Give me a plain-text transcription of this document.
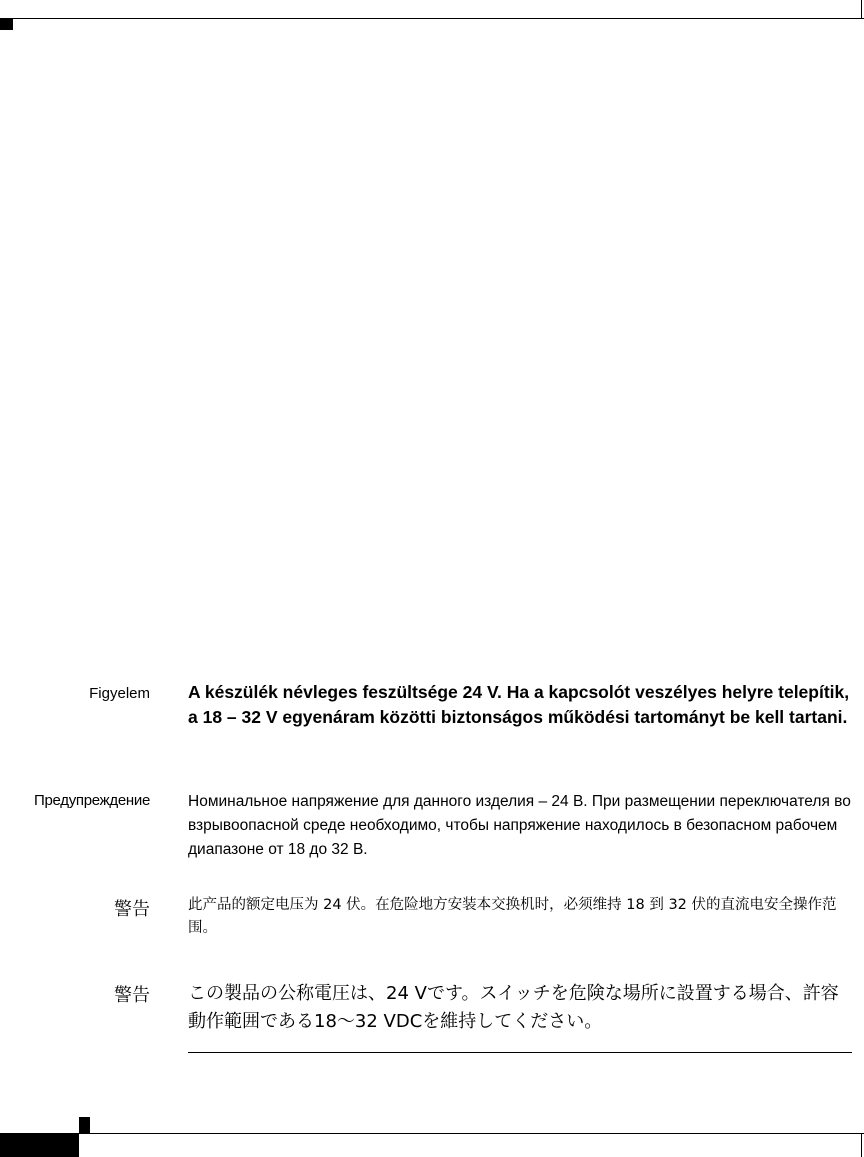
Figyelem A készülék névleges feszültsége 24 V. Ha a kapcsolót veszélyes helyre telepítik, a 18 – 32 V egyenáram közötti biztonságos működési tartományt be kell tartani.
Предупреждение Номинальное напряжение для данного изделия – 24 В. При размещении переключателя во взрывоопасной среде необходимо, чтобы напряжение находилось в безопасном рабочем диапазоне от 18 до 32 В.
警告	此产品的额定电压为 24 伏。在危险地方安装本交换机时，必须维持 18 到 32 伏的直流电安全操作范围。
警告 この製品の公称電圧は、24 Vです。スイッチを危険な場所に設置する場合、許容動作範囲である18〜32 VDCを維持してください。
